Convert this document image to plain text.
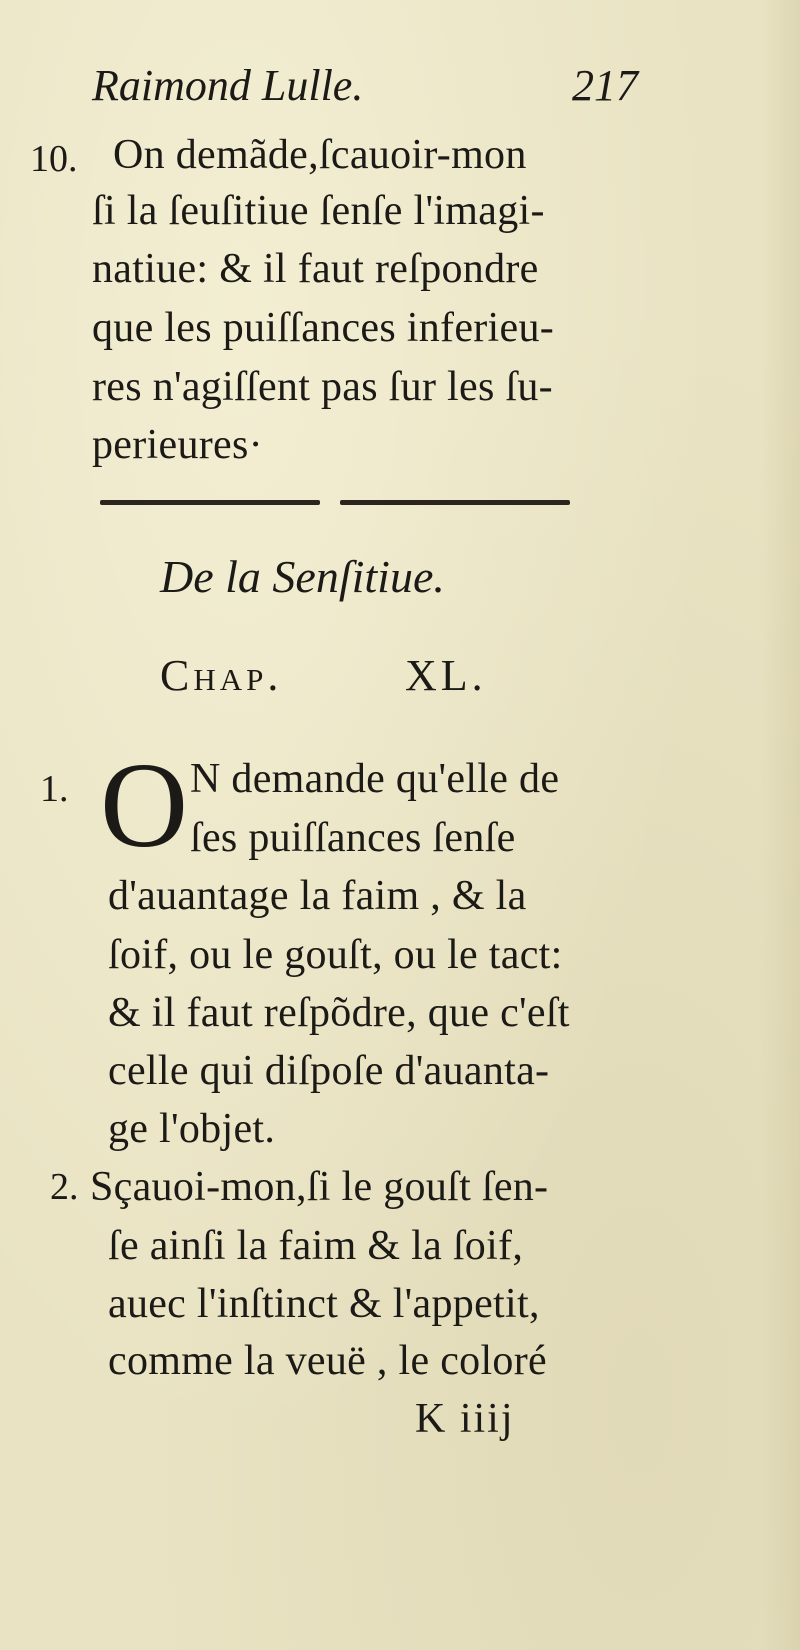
Raimond Lulle.	217
10. On demãde,ſcauoir-mon
ſi la ſeuſitiue ſenſe l'imagi-
natiue: & il faut reſpondre
que les puiſſances inferieu-
res n'agiſſent pas ſur les ſu-
perieures·
De la Senſitiue.
Chap.	XL.
1. O N demande qu'elle de
ſes puiſſances ſenſe
d'auantage la faim , & la
ſoif, ou le gouſt, ou le tact:
& il faut reſpõdre, que c'eſt
celle qui diſpoſe d'auanta-
ge l'objet.
2. Sçauoi-mon,ſi le gouſt ſen-
ſe ainſi la faim & la ſoif,
auec l'inſtinct & l'appetit,
comme la veuë , le coloré
K iiij
